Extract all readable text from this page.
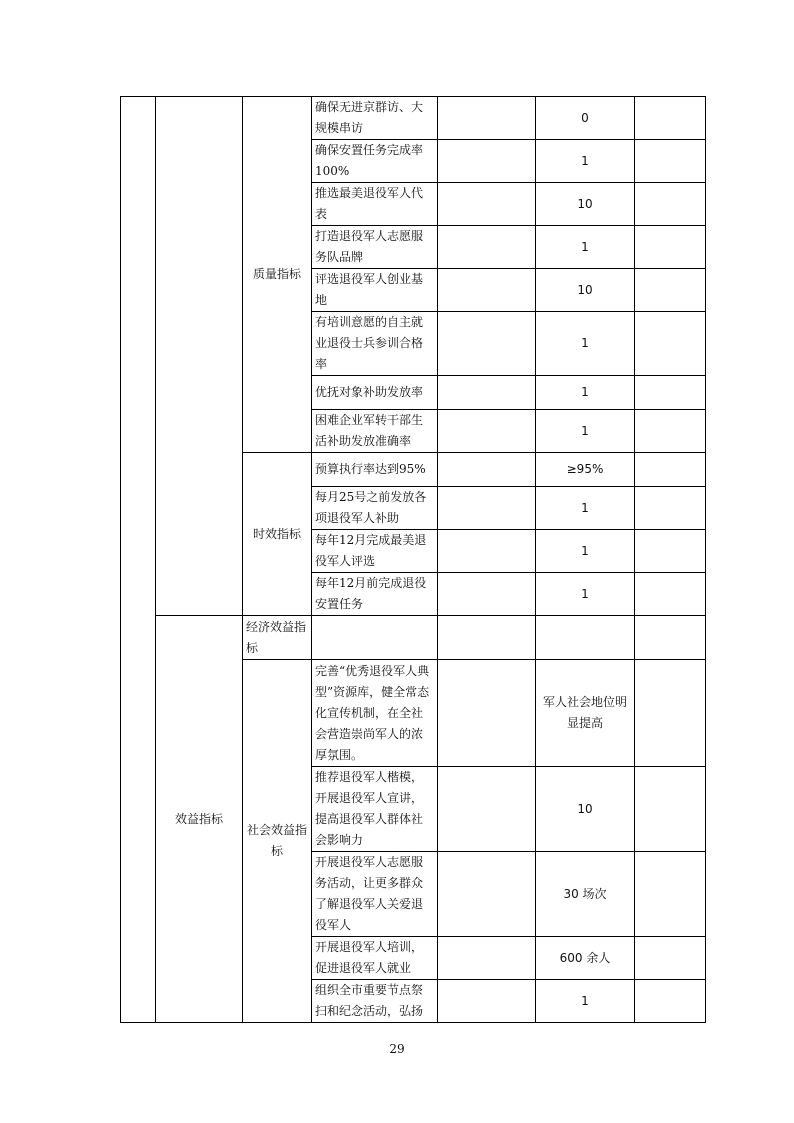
		质量指标	确保无进京群访、大规模串访		0	
			确保安置任务完成率100%		1	
			推选最美退役军人代表		10	
			打造退役军人志愿服务队品牌		1	
			评选退役军人创业基地		10	
			有培训意愿的自主就业退役士兵参训合格率		1	
			优抚对象补助发放率		1	
			困难企业军转干部生活补助发放准确率		1	
		时效指标	预算执行率达到95%		≥95%	
			每月25号之前发放各项退役军人补助		1	
			每年12月完成最美退役军人评选		1	
			每年12月前完成退役安置任务		1	
	效益指标	经济效益指标				
		社会效益指标	完善“优秀退役军人典型”资源库，健全常态化宣传机制，在全社会营造崇尚军人的浓厚氛围。		军人社会地位明显提高	
			推荐退役军人楷模，开展退役军人宣讲，提高退役军人群体社会影响力		10	
			开展退役军人志愿服务活动，让更多群众了解退役军人关爱退役军人		30 场次	
			开展退役军人培训，促进退役军人就业		600 余人	
			组织全市重要节点祭扫和纪念活动，弘扬		1	
29
